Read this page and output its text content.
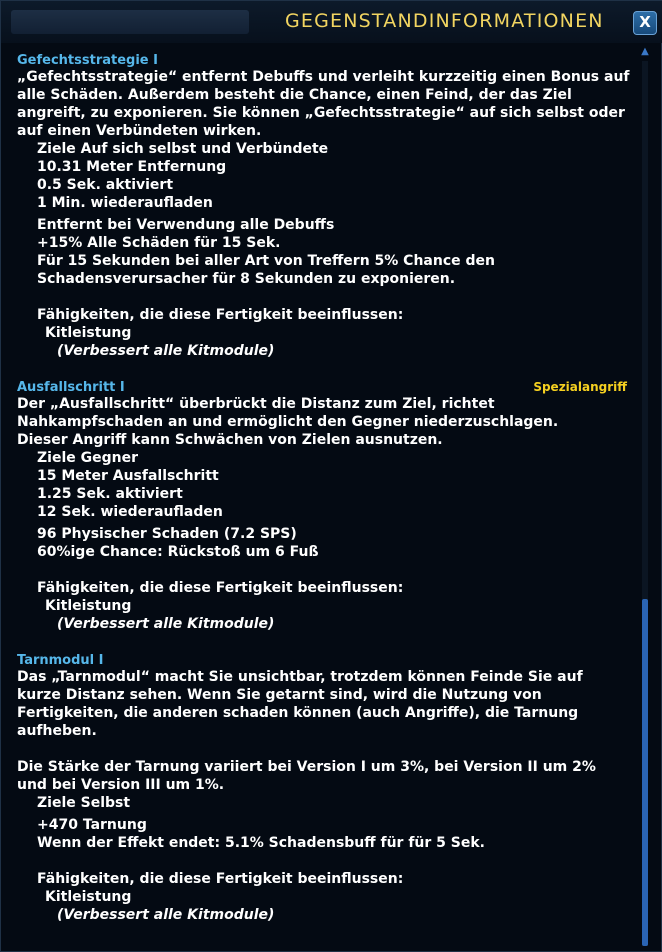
GEGENSTANDINFORMATIONEN	X
▲
Gefechtsstrategie I
„Gefechtsstrategie“ entfernt Debuffs und verleiht kurzzeitig einen Bonus auf
alle Schäden. Außerdem besteht die Chance, einen Feind, der das Ziel
angreift, zu exponieren. Sie können „Gefechtsstrategie“ auf sich selbst oder
auf einen Verbündeten wirken.
Ziele Auf sich selbst und Verbündete
10.31 Meter Entfernung
0.5 Sek. aktiviert
1 Min. wiederaufladen
Entfernt bei Verwendung alle Debuffs
+15% Alle Schäden für 15 Sek.
Für 15 Sekunden bei aller Art von Treffern 5% Chance den
Schadensverursacher für 8 Sekunden zu exponieren.
Fähigkeiten, die diese Fertigkeit beeinflussen:
Kitleistung
(Verbessert alle Kitmodule)
Ausfallschritt I	Spezialangriff
Der „Ausfallschritt“ überbrückt die Distanz zum Ziel, richtet
Nahkampfschaden an und ermöglicht den Gegner niederzuschlagen.
Dieser Angriff kann Schwächen von Zielen ausnutzen.
Ziele Gegner
15 Meter Ausfallschritt
1.25 Sek. aktiviert
12 Sek. wiederaufladen
96 Physischer Schaden (7.2 SPS)
60%ige Chance: Rückstoß um 6 Fuß
Fähigkeiten, die diese Fertigkeit beeinflussen:
Kitleistung
(Verbessert alle Kitmodule)
Tarnmodul I
Das „Tarnmodul“ macht Sie unsichtbar, trotzdem können Feinde Sie auf
kurze Distanz sehen. Wenn Sie getarnt sind, wird die Nutzung von
Fertigkeiten, die anderen schaden können (auch Angriffe), die Tarnung
aufheben.
Die Stärke der Tarnung variiert bei Version I um 3%, bei Version II um 2%
und bei Version III um 1%.
Ziele Selbst
+470 Tarnung
Wenn der Effekt endet: 5.1% Schadensbuff für für 5 Sek.
Fähigkeiten, die diese Fertigkeit beeinflussen:
Kitleistung
(Verbessert alle Kitmodule)
